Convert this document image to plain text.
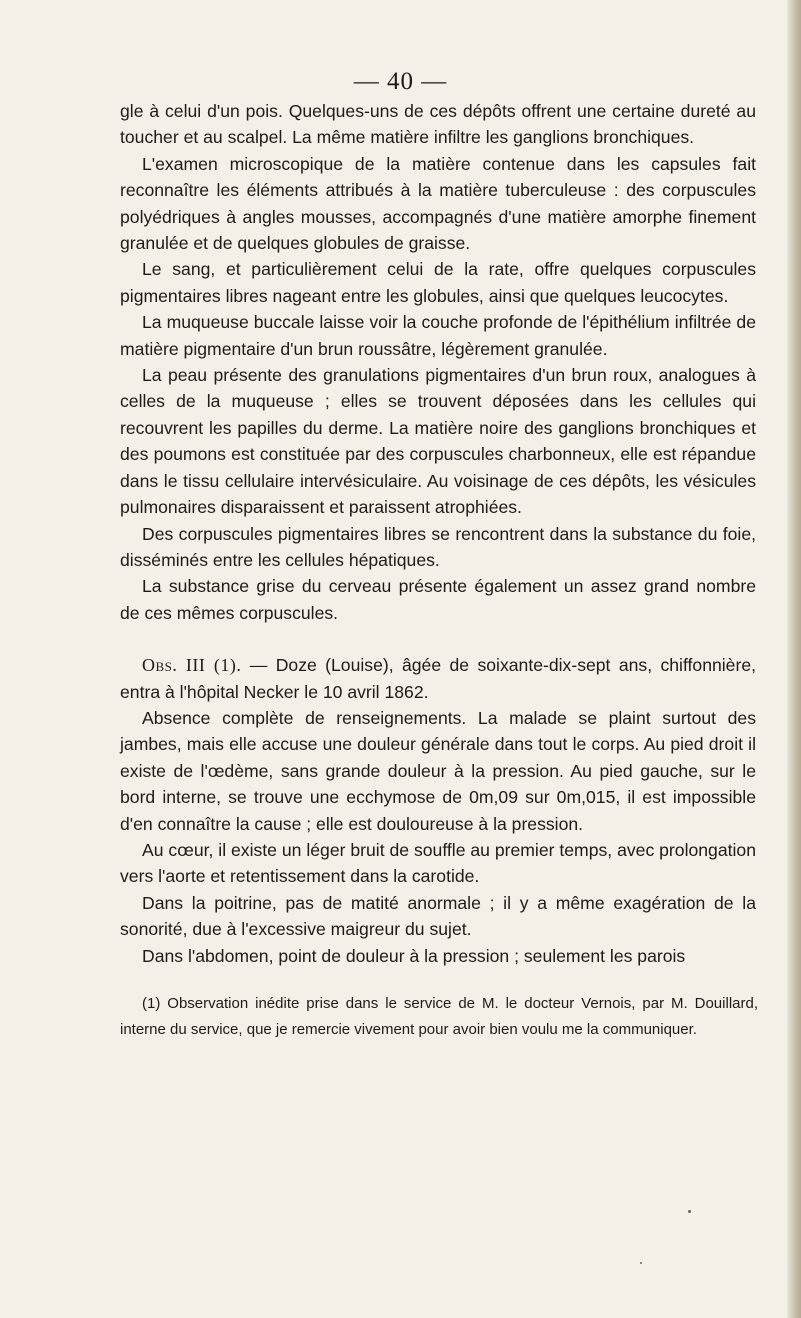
— 40 —

gle à celui d'un pois. Quelques-uns de ces dépôts offrent une certaine dureté au toucher et au scalpel. La même matière infiltre les ganglions bronchiques.

L'examen microscopique de la matière contenue dans les capsules fait reconnaître les éléments attribués à la matière tuberculeuse : des corpuscules polyédriques à angles mousses, accompagnés d'une matière amorphe finement granulée et de quelques globules de graisse.

Le sang, et particulièrement celui de la rate, offre quelques corpuscules pigmentaires libres nageant entre les globules, ainsi que quelques leucocytes.

La muqueuse buccale laisse voir la couche profonde de l'épithélium infiltrée de matière pigmentaire d'un brun roussâtre, légèrement granulée.

La peau présente des granulations pigmentaires d'un brun roux, analogues à celles de la muqueuse ; elles se trouvent déposées dans les cellules qui recouvrent les papilles du derme. La matière noire des ganglions bronchiques et des poumons est constituée par des corpuscules charbonneux, elle est répandue dans le tissu cellulaire intervésiculaire. Au voisinage de ces dépôts, les vésicules pulmonaires disparaissent et paraissent atrophiées.

Des corpuscules pigmentaires libres se rencontrent dans la substance du foie, disséminés entre les cellules hépatiques.

La substance grise du cerveau présente également un assez grand nombre de ces mêmes corpuscules.

Obs. III (1). — Doze (Louise), âgée de soixante-dix-sept ans, chiffonnière, entra à l'hôpital Necker le 10 avril 1862.

Absence complète de renseignements. La malade se plaint surtout des jambes, mais elle accuse une douleur générale dans tout le corps. Au pied droit il existe de l'œdème, sans grande douleur à la pression. Au pied gauche, sur le bord interne, se trouve une ecchymose de 0m,09 sur 0m,015, il est impossible d'en connaître la cause ; elle est douloureuse à la pression.

Au cœur, il existe un léger bruit de souffle au premier temps, avec prolongation vers l'aorte et retentissement dans la carotide.

Dans la poitrine, pas de matité anormale ; il y a même exagération de la sonorité, due à l'excessive maigreur du sujet.

Dans l'abdomen, point de douleur à la pression ; seulement les parois

(1) Observation inédite prise dans le service de M. le docteur Vernois, par M. Douillard, interne du service, que je remercie vivement pour avoir bien voulu me la communiquer.
